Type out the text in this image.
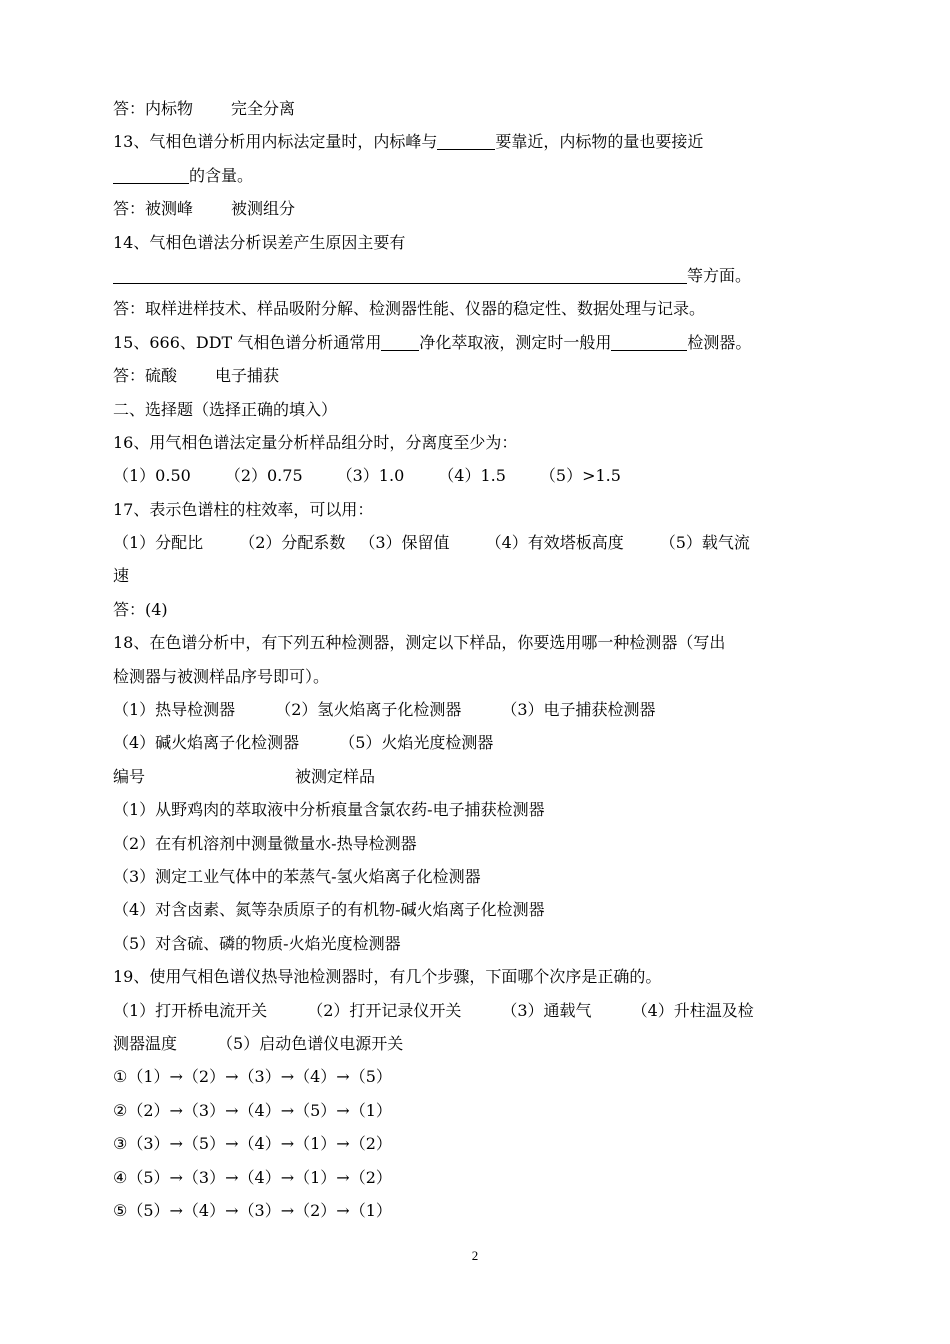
答：内标物 完全分离
13、气相色谱分析用内标法定量时，内标峰与	要靠近，内标物的量也要接近
的含量。
答：被测峰 被测组分
14、气相色谱法分析误差产生原因主要有
等方面。
答：取样进样技术、样品吸附分解、检测器性能、仪器的稳定性、数据处理与记录。
15、666、DDT 气相色谱分析通常用 净化萃取液，测定时一般用	检测器。
答：硫酸 电子捕获
二、选择题（选择正确的填入）
16、用气相色谱法定量分析样品组分时，分离度至少为：
（1）0.50 （2）0.75 （3）1.0 （4）1.5 （5）>1.5
17、表示色谱柱的柱效率，可以用：
（1）分配比 （2）分配系数 （3）保留值 （4）有效塔板高度 （5）载气流
速
答：(4)
18、在色谱分析中，有下列五种检测器，测定以下样品，你要选用哪一种检测器（写出
检测器与被测样品序号即可）。
（1）热导检测器	（2）氢火焰离子化检测器	（3）电子捕获检测器
（4）碱火焰离子化检测器	（5）火焰光度检测器
编号	被测定样品
（1）从野鸡肉的萃取液中分析痕量含氯农药-电子捕获检测器
（2）在有机溶剂中测量微量水-热导检测器
（3）测定工业气体中的苯蒸气-氢火焰离子化检测器
（4）对含卤素、氮等杂质原子的有机物-碱火焰离子化检测器
（5）对含硫、磷的物质-火焰光度检测器
19、使用气相色谱仪热导池检测器时，有几个步骤，下面哪个次序是正确的。
（1）打开桥电流开关	（2）打开记录仪开关	（3）通载气	（4）升柱温及检
测器温度	（5）启动色谱仪电源开关
①（1）→（2）→（3）→（4）→（5）
②（2）→（3）→（4）→（5）→（1）
③（3）→（5）→（4）→（1）→（2）
④（5）→（3）→（4）→（1）→（2）
⑤（5）→（4）→（3）→（2）→（1）
2
